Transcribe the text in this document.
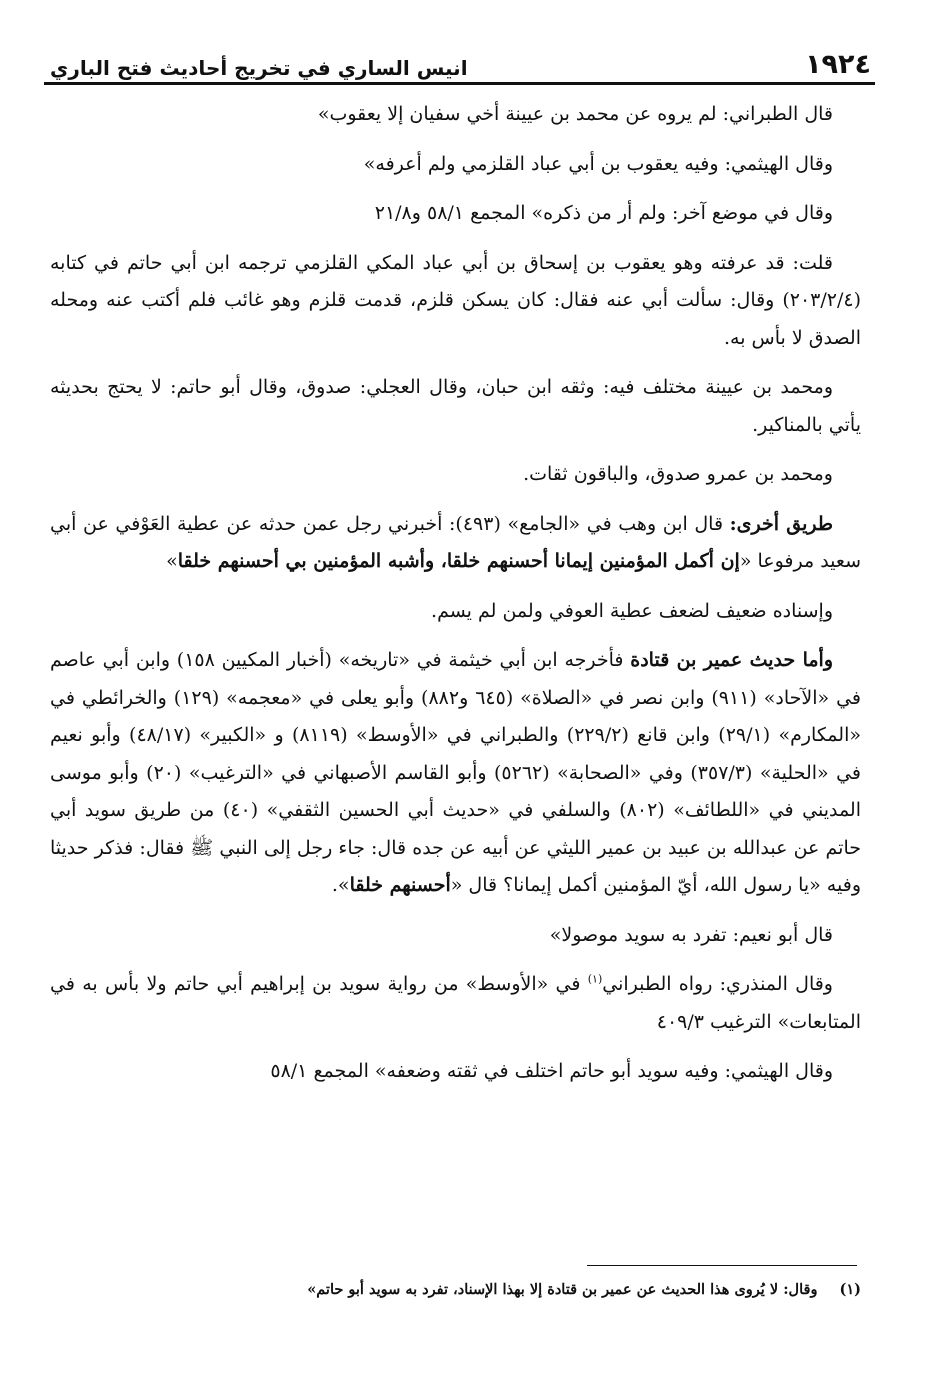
١٩٢٤
انيس الساري في تخريج أحاديث فتح الباري

قال الطبراني: لم يروه عن محمد بن عيينة أخي سفيان إلا يعقوب»

وقال الهيثمي: وفيه يعقوب بن أبي عباد القلزمي ولم أعرفه»

وقال في موضع آخر: ولم أر من ذكره» المجمع ٥٨/١ و٢١/٨

قلت: قد عرفته وهو يعقوب بن إسحاق بن أبي عباد المكي القلزمي ترجمه ابن أبي حاتم في كتابه (٢٠٣/٢/٤) وقال: سألت أبي عنه فقال: كان يسكن قلزم، قدمت قلزم وهو غائب فلم أكتب عنه ومحله الصدق لا بأس به.

ومحمد بن عيينة مختلف فيه: وثقه ابن حبان، وقال العجلي: صدوق، وقال أبو حاتم: لا يحتج بحديثه يأتي بالمناكير.

ومحمد بن عمرو صدوق، والباقون ثقات.

طريق أخرى: قال ابن وهب في «الجامع» (٤٩٣): أخبرني رجل عمن حدثه عن عطية العَوْفي عن أبي سعيد مرفوعا «إن أكمل المؤمنين إيمانا أحسنهم خلقا، وأشبه المؤمنين بي أحسنهم خلقا»

وإسناده ضعيف لضعف عطية العوفي ولمن لم يسم.

وأما حديث عمير بن قتادة فأخرجه ابن أبي خيثمة في «تاريخه» (أخبار المكيين ١٥٨) وابن أبي عاصم في «الآحاد» (٩١١) وابن نصر في «الصلاة» (٦٤٥ و٨٨٢) وأبو يعلى في «معجمه» (١٢٩) والخرائطي في «المكارم» (٢٩/١) وابن قانع (٢٢٩/٢) والطبراني في «الأوسط» (٨١١٩) و «الكبير» (٤٨/١٧) وأبو نعيم في «الحلية» (٣٥٧/٣) وفي «الصحابة» (٥٢٦٢) وأبو القاسم الأصبهاني في «الترغيب» (٢٠) وأبو موسى المديني في «اللطائف» (٨٠٢) والسلفي في «حديث أبي الحسين الثقفي» (٤٠) من طريق سويد أبي حاتم عن عبدالله بن عبيد بن عمير الليثي عن أبيه عن جده قال: جاء رجل إلى النبي ﷺ فقال: فذكر حديثا وفيه «يا رسول الله، أيّ المؤمنين أكمل إيمانا؟ قال «أحسنهم خلقا».

قال أبو نعيم: تفرد به سويد موصولا»

وقال المنذري: رواه الطبراني$^{(١)}$ في «الأوسط» من رواية سويد بن إبراهيم أبي حاتم ولا بأس به في المتابعات» الترغيب ٤٠٩/٣

وقال الهيثمي: وفيه سويد أبو حاتم اختلف في ثقته وضعفه» المجمع ٥٨/١

(١)وقال: لا يُروى هذا الحديث عن عمير بن قتادة إلا بهذا الإسناد، تفرد به سويد أبو حاتم»
